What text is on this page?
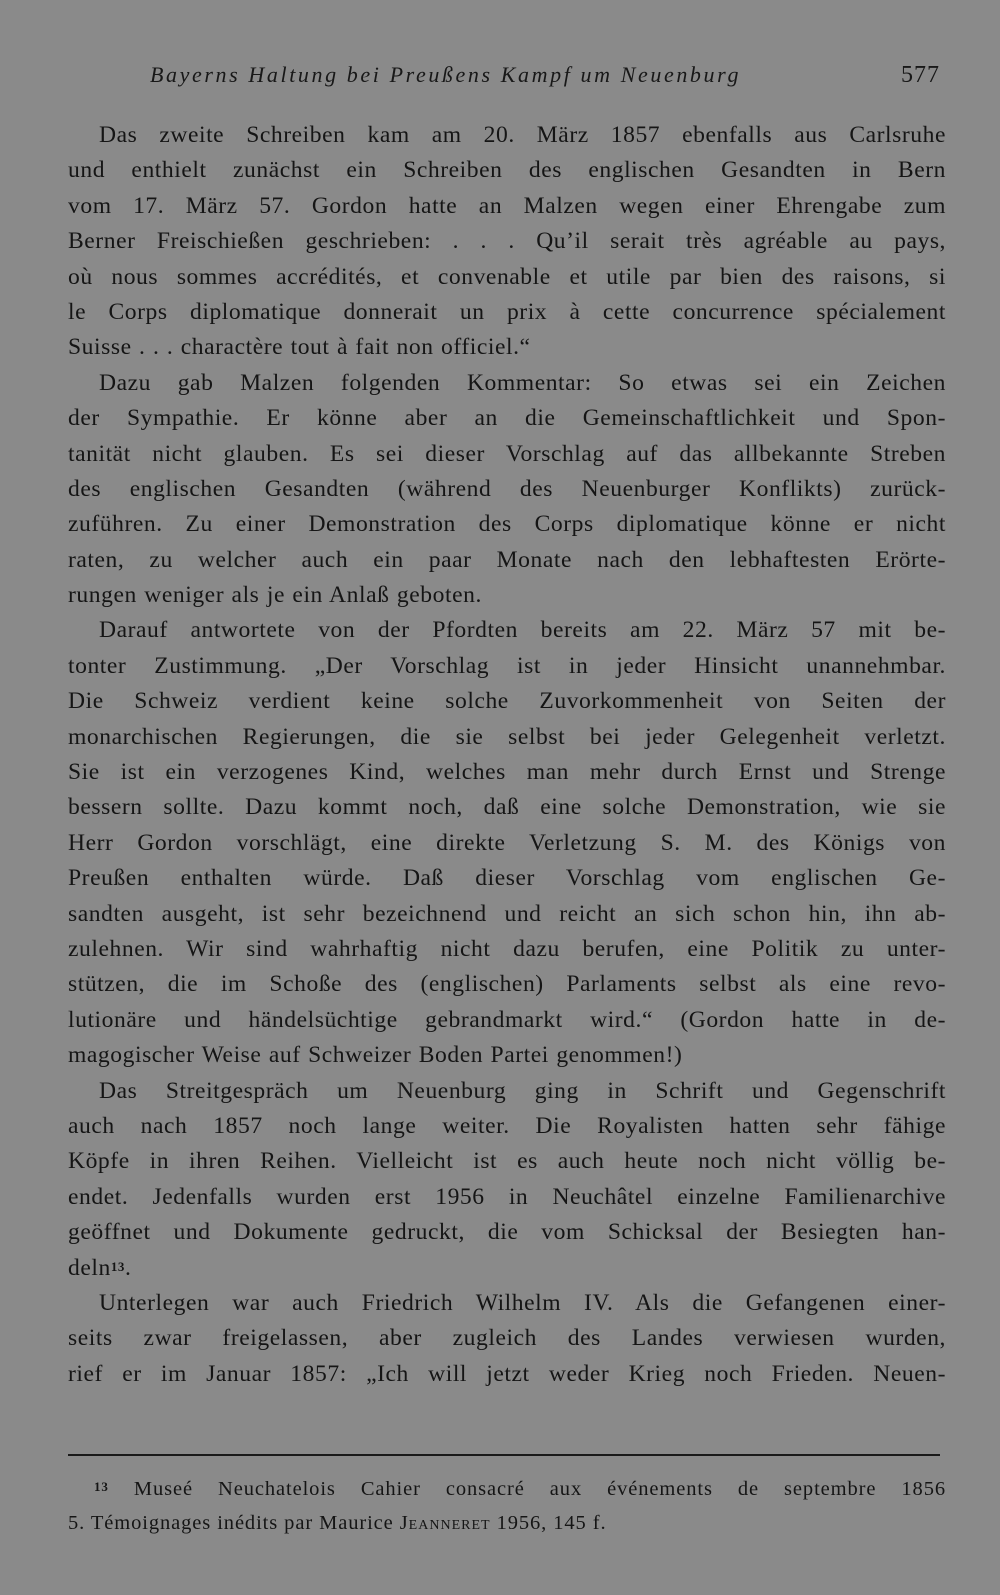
Bayerns Haltung bei Preußens Kampf um Neuenburg	577

Das zweite Schreiben kam am 20. März 1857 ebenfalls aus Carlsruhe
und enthielt zunächst ein Schreiben des englischen Gesandten in Bern
vom 17. März 57. Gordon hatte an Malzen wegen einer Ehrengabe zum
Berner Freischießen geschrieben: . . . Qu’il serait très agréable au pays,
où nous sommes accrédités, et convenable et utile par bien des raisons, si
le Corps diplomatique donnerait un prix à cette concurrence spécialement
Suisse . . . charactère tout à fait non officiel.“

Dazu gab Malzen folgenden Kommentar: So etwas sei ein Zeichen
der Sympathie. Er könne aber an die Gemeinschaftlichkeit und Spon-
tanität nicht glauben. Es sei dieser Vorschlag auf das allbekannte Streben
des englischen Gesandten (während des Neuenburger Konflikts) zurück-
zuführen. Zu einer Demonstration des Corps diplomatique könne er nicht
raten, zu welcher auch ein paar Monate nach den lebhaftesten Erörte-
rungen weniger als je ein Anlaß geboten.

Darauf antwortete von der Pfordten bereits am 22. März 57 mit be-
tonter Zustimmung. „Der Vorschlag ist in jeder Hinsicht unannehmbar.
Die Schweiz verdient keine solche Zuvorkommenheit von Seiten der
monarchischen Regierungen, die sie selbst bei jeder Gelegenheit verletzt.
Sie ist ein verzogenes Kind, welches man mehr durch Ernst und Strenge
bessern sollte. Dazu kommt noch, daß eine solche Demonstration, wie sie
Herr Gordon vorschlägt, eine direkte Verletzung S. M. des Königs von
Preußen enthalten würde. Daß dieser Vorschlag vom englischen Ge-
sandten ausgeht, ist sehr bezeichnend und reicht an sich schon hin, ihn ab-
zulehnen. Wir sind wahrhaftig nicht dazu berufen, eine Politik zu unter-
stützen, die im Schoße des (englischen) Parlaments selbst als eine revo-
lutionäre und händelsüchtige gebrandmarkt wird.“ (Gordon hatte in de-
magogischer Weise auf Schweizer Boden Partei genommen!)

Das Streitgespräch um Neuenburg ging in Schrift und Gegenschrift
auch nach 1857 noch lange weiter. Die Royalisten hatten sehr fähige
Köpfe in ihren Reihen. Vielleicht ist es auch heute noch nicht völlig be-
endet. Jedenfalls wurden erst 1956 in Neuchâtel einzelne Familienarchive
geöffnet und Dokumente gedruckt, die vom Schicksal der Besiegten han-
deln$^{13}$.

Unterlegen war auch Friedrich Wilhelm IV. Als die Gefangenen einer-
seits zwar freigelassen, aber zugleich des Landes verwiesen wurden,
rief er im Januar 1857: „Ich will jetzt weder Krieg noch Frieden. Neuen-

$^{13}$ Museé Neuchatelois Cahier consacré aux événements de septembre 1856
5. Témoignages inédits par Maurice Jeanneret 1956, 145 f.
